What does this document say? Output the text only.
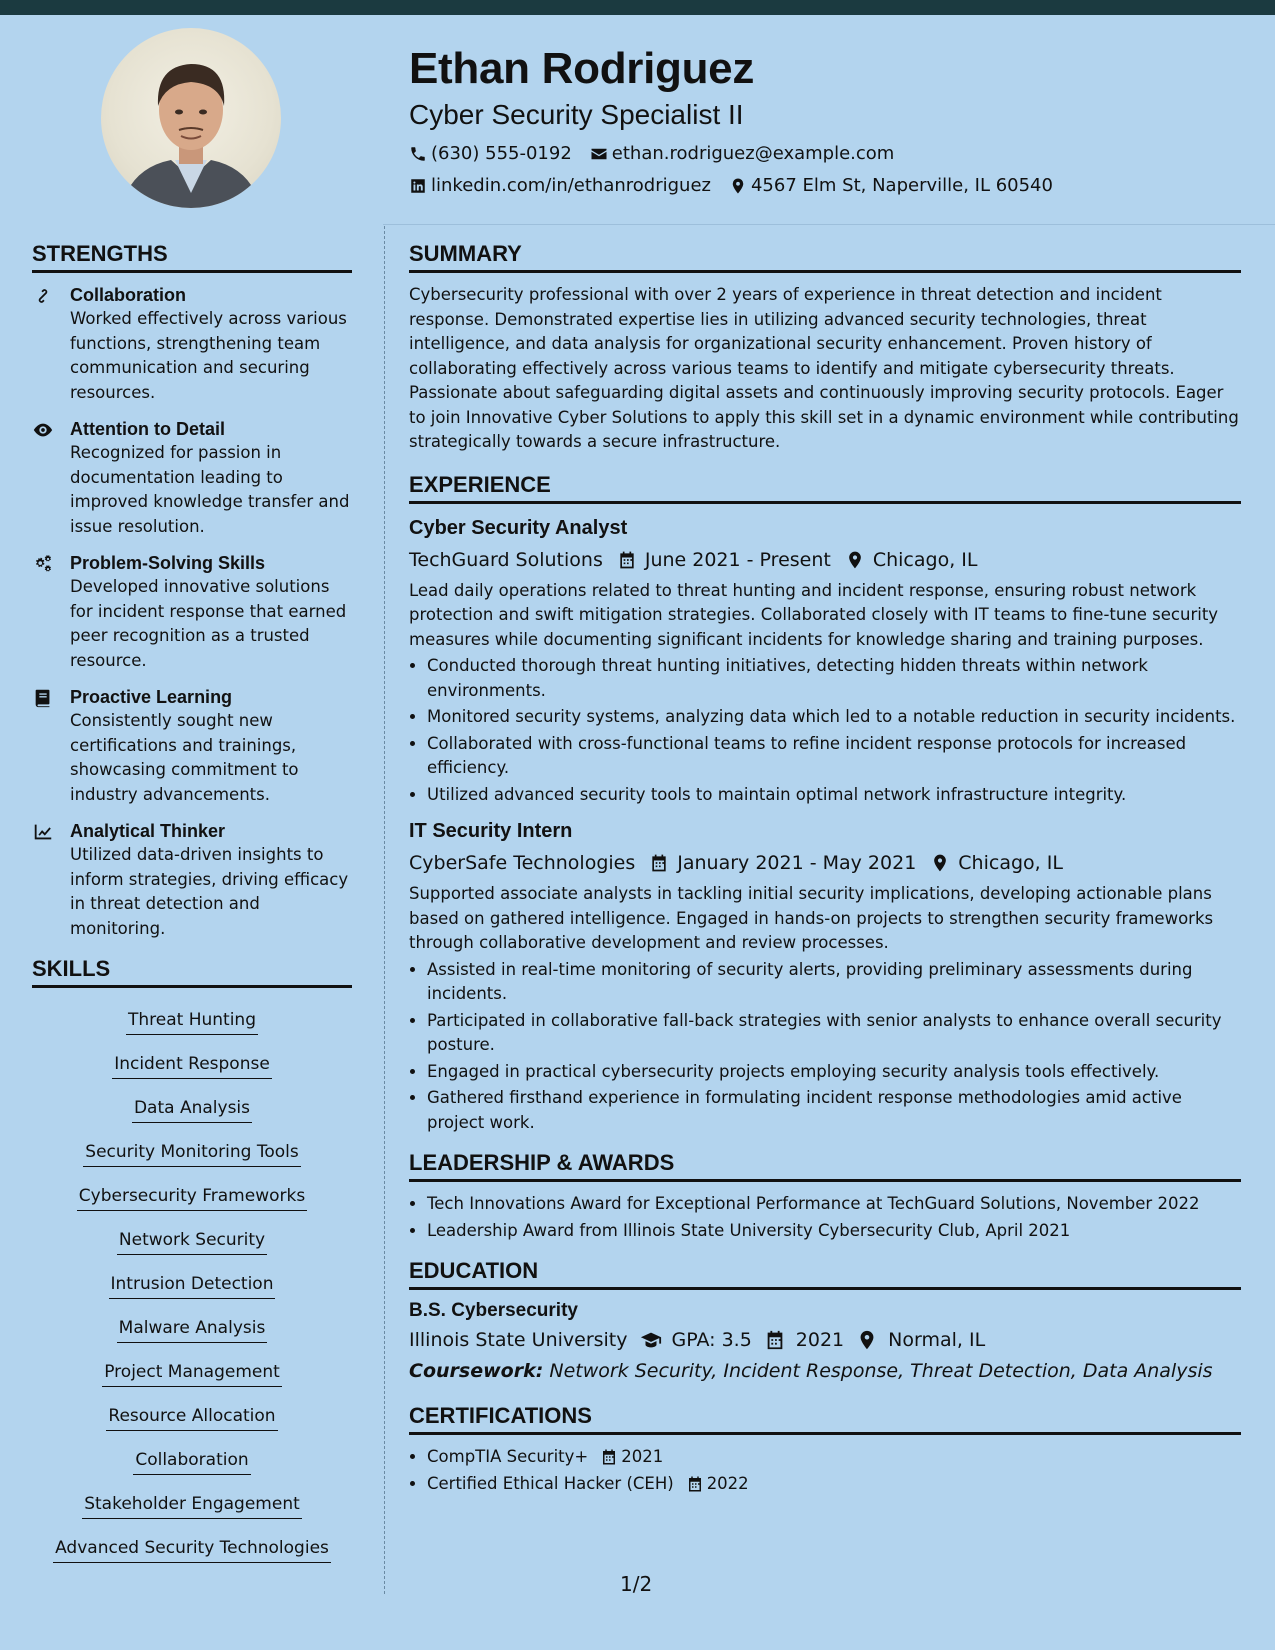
Ethan Rodriguez
Cyber Security Specialist II
(630) 555-0192 ethan.rodriguez@example.com
linkedin.com/in/ethanrodriguez 4567 Elm St, Naperville, IL 60540
STRENGTHS
Collaboration
Worked effectively across various functions, strengthening team communication and securing resources.
Attention to Detail
Recognized for passion in documentation leading to improved knowledge transfer and issue resolution.
Problem-Solving Skills
Developed innovative solutions for incident response that earned peer recognition as a trusted resource.
Proactive Learning
Consistently sought new certifications and trainings, showcasing commitment to industry advancements.
Analytical Thinker
Utilized data-driven insights to inform strategies, driving efficacy in threat detection and monitoring.
SKILLS
Threat Hunting
Incident Response
Data Analysis
Security Monitoring Tools
Cybersecurity Frameworks
Network Security
Intrusion Detection
Malware Analysis
Project Management
Resource Allocation
Collaboration
Stakeholder Engagement
Advanced Security Technologies
SUMMARY

Cybersecurity professional with over 2 years of experience in threat detection and incident response. Demonstrated expertise lies in utilizing advanced security technologies, threat intelligence, and data analysis for organizational security enhancement. Proven history of collaborating effectively across various teams to identify and mitigate cybersecurity threats. Passionate about safeguarding digital assets and continuously improving security protocols. Eager to join Innovative Cyber Solutions to apply this skill set in a dynamic environment while contributing strategically towards a secure infrastructure.

EXPERIENCE
Cyber Security Analyst
TechGuard Solutions June 2021 - Present Chicago, IL
Lead daily operations related to threat hunting and incident response, ensuring robust network protection and swift mitigation strategies. Collaborated closely with IT teams to fine-tune security measures while documenting significant incidents for knowledge sharing and training purposes.
• Conducted thorough threat hunting initiatives, detecting hidden threats within network environments.
• Monitored security systems, analyzing data which led to a notable reduction in security incidents.
• Collaborated with cross-functional teams to refine incident response protocols for increased efficiency.
• Utilized advanced security tools to maintain optimal network infrastructure integrity.
IT Security Intern
CyberSafe Technologies January 2021 - May 2021 Chicago, IL
Supported associate analysts in tackling initial security implications, developing actionable plans based on gathered intelligence. Engaged in hands-on projects to strengthen security frameworks through collaborative development and review processes.
• Assisted in real-time monitoring of security alerts, providing preliminary assessments during incidents.
• Participated in collaborative fall-back strategies with senior analysts to enhance overall security posture.
• Engaged in practical cybersecurity projects employing security analysis tools effectively.
• Gathered firsthand experience in formulating incident response methodologies amid active project work.
LEADERSHIP & AWARDS
• Tech Innovations Award for Exceptional Performance at TechGuard Solutions, November 2022
• Leadership Award from Illinois State University Cybersecurity Club, April 2021
EDUCATION
B.S. Cybersecurity
Illinois State University GPA: 3.5 2021 Normal, IL
Coursework: Network Security, Incident Response, Threat Detection, Data Analysis
CERTIFICATIONS
• CompTIA Security+ 2021
• Certified Ethical Hacker (CEH) 2022
1/2
